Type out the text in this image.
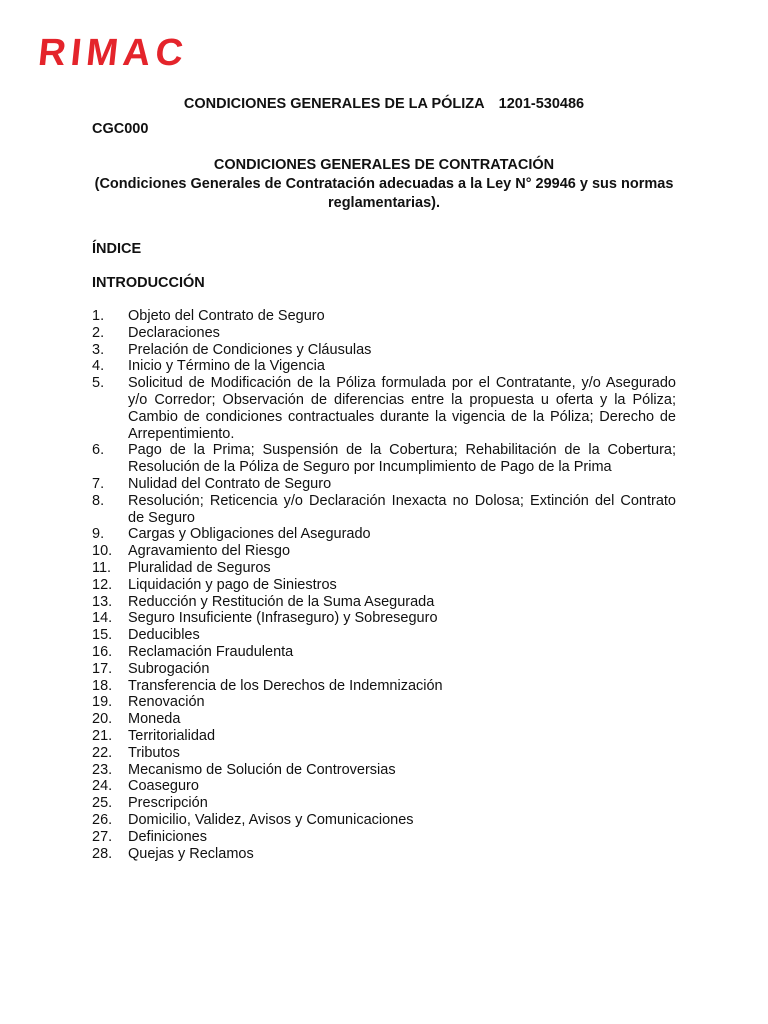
RIMAC
CONDICIONES GENERALES DE LA PÓLIZA 1201-530486
CGC000
CONDICIONES GENERALES DE CONTRATACIÓN
(Condiciones Generales de Contratación adecuadas a la Ley N° 29946 y sus normas reglamentarias).
ÍNDICE
INTRODUCCIÓN
1.	Objeto del Contrato de Seguro
2.	Declaraciones
3.	Prelación de Condiciones y Cláusulas
4.	Inicio y Término de la Vigencia
5.	Solicitud de Modificación de la Póliza formulada por el Contratante, y/o Asegurado y/o Corredor; Observación de diferencias entre la propuesta u oferta y la Póliza; Cambio de condiciones contractuales durante la vigencia de la Póliza; Derecho de Arrepentimiento.
6.	Pago de la Prima; Suspensión de la Cobertura; Rehabilitación de la Cobertura; Resolución de la Póliza de Seguro por Incumplimiento de Pago de la Prima
7.	Nulidad del Contrato de Seguro
8.	Resolución; Reticencia y/o Declaración Inexacta no Dolosa; Extinción del Contrato de Seguro
9.	Cargas y Obligaciones del Asegurado
10.	Agravamiento del Riesgo
11.	Pluralidad de Seguros
12.	Liquidación y pago de Siniestros
13.	Reducción y Restitución de la Suma Asegurada
14.	Seguro Insuficiente (Infraseguro) y Sobreseguro
15.	Deducibles
16.	Reclamación Fraudulenta
17.	Subrogación
18.	Transferencia de los Derechos de Indemnización
19.	Renovación
20.	Moneda
21.	Territorialidad
22.	Tributos
23.	Mecanismo de Solución de Controversias
24.	Coaseguro
25.	Prescripción
26.	Domicilio, Validez, Avisos y Comunicaciones
27.	Definiciones
28.	Quejas y Reclamos
